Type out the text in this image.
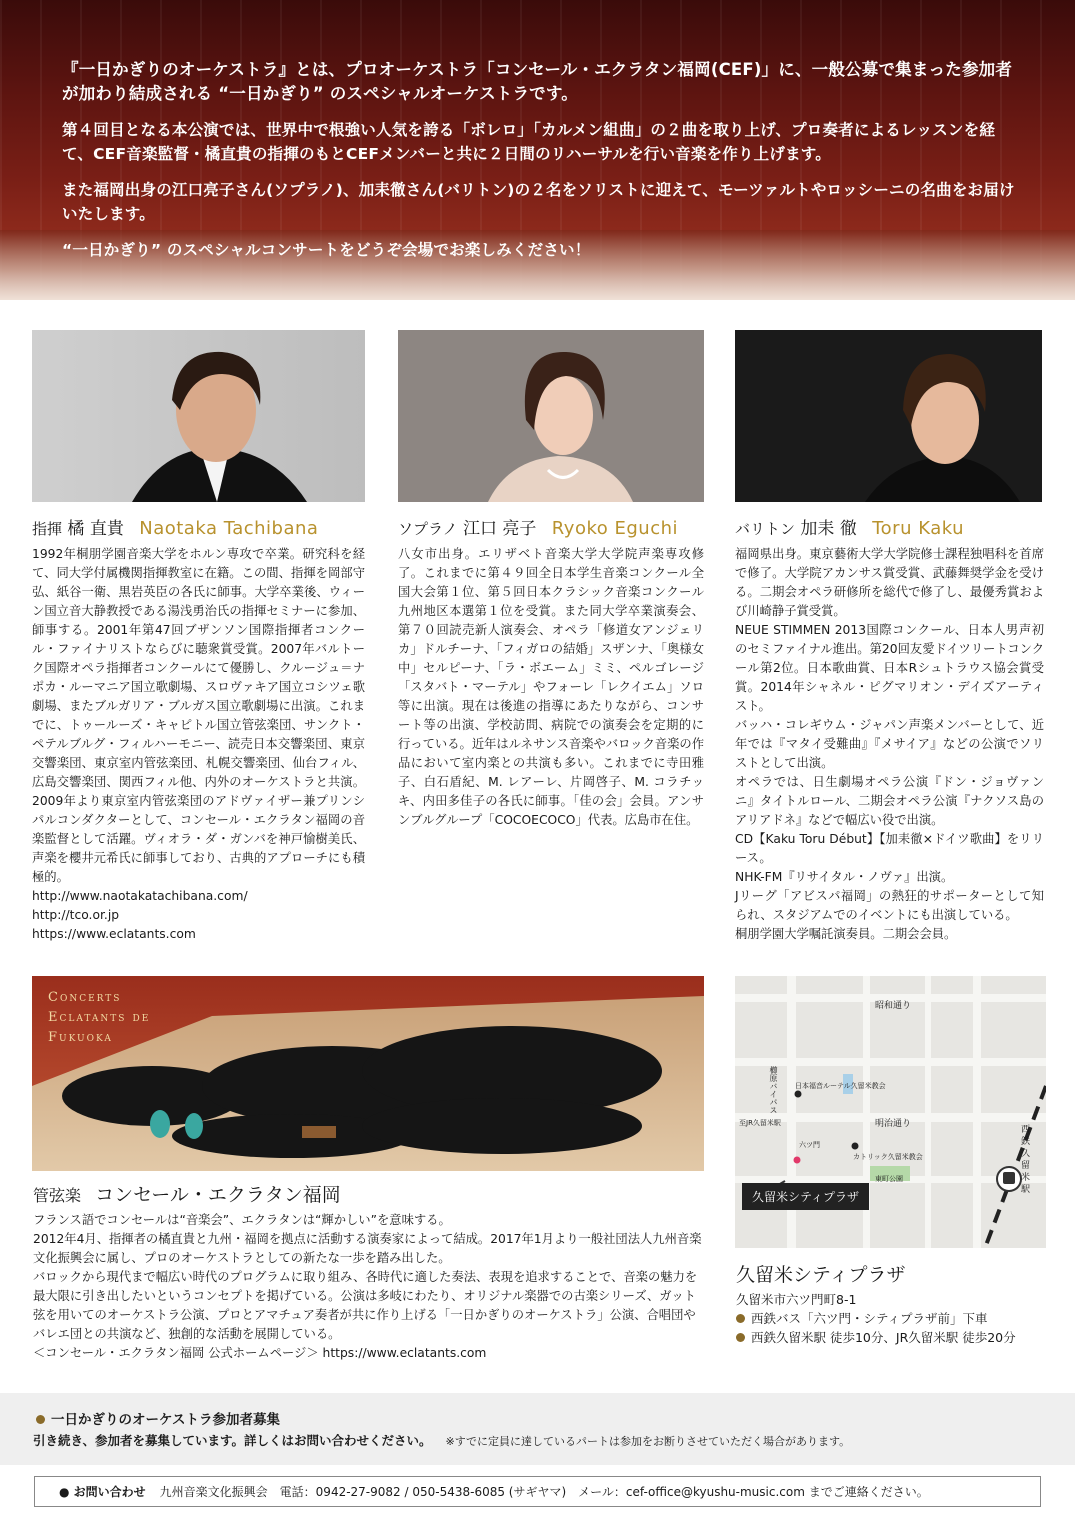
『一日かぎりのオーケストラ』とは、プロオーケストラ「コンセール・エクラタン福岡(CEF)」に、一般公募で集まった参加者が加わり結成される “一日かぎり” のスペシャルオーケストラです。

第４回目となる本公演では、世界中で根強い人気を誇る「ボレロ」「カルメン組曲」の２曲を取り上げ、プロ奏者によるレッスンを経て、CEF音楽監督・橘直貴の指揮のもとCEFメンバーと共に２日間のリハーサルを行い音楽を作り上げます。

また福岡出身の江口亮子さん(ソプラノ)、加耒徹さん(バリトン)の２名をソリストに迎えて、モーツァルトやロッシーニの名曲をお届けいたします。

“一日かぎり” のスペシャルコンサートをどうぞ会場でお楽しみください！

指揮 橘 直貴 Naotaka Tachibana	ソプラノ 江口 亮子 Ryoko Eguchi	バリトン 加耒 徹 Toru Kaku

1992年桐朋学園音楽大学をホルン専攻で卒業。研究科を経て、同大学付属機関指揮教室に在籍。この間、指揮を岡部守弘、紙谷一衛、黒岩英臣の各氏に師事。大学卒業後、ウィーン国立音大静教授である湯浅勇治氏の指揮セミナーに参加、師事する。2001年第47回ブザンソン国際指揮者コンクール・ファイナリストならびに聴衆賞受賞。2007年バルトーク国際オペラ指揮者コンクールにて優勝し、クルージュ＝ナポカ・ルーマニア国立歌劇場、スロヴァキア国立コシツェ歌劇場、またブルガリア・ブルガス国立歌劇場に出演。これまでに、トゥールーズ・キャピトル国立管弦楽団、サンクト・ペテルブルグ・フィルハーモニー、読売日本交響楽団、東京交響楽団、東京室内管弦楽団、札幌交響楽団、仙台フィル、広島交響楽団、関西フィル他、内外のオーケストラと共演。2009年より東京室内管弦楽団のアドヴァイザー兼プリンシパルコンダクターとして、コンセール・エクラタン福岡の音楽監督として活躍。ヴィオラ・ダ・ガンバを神戸愉樹美氏、声楽を櫻井元希氏に師事しており、古典的アプローチにも積極的。

http://www.naotakatachibana.com/

http://tco.or.jp

https://www.eclatants.com

八女市出身。エリザベト音楽大学大学院声楽専攻修了。これまでに第４９回全日本学生音楽コンクール全国大会第１位、第５回日本クラシック音楽コンクール九州地区本選第１位を受賞。また同大学卒業演奏会、第７０回読売新人演奏会、オペラ「修道女アンジェリカ」ドルチーナ、「フィガロの結婚」スザンナ、「奥様女中」セルピーナ、「ラ・ボエーム」ミミ、ペルゴレージ「スタバト・マーテル」やフォーレ「レクイエム」ソロ等に出演。現在は後進の指導にあたりながら、コンサート等の出演、学校訪問、病院での演奏会を定期的に行っている。近年はルネサンス音楽やバロック音楽の作品において室内楽との共演も多い。これまでに寺田雅子、白石盾紀、M. レアーレ、片岡啓子、M. コラチッキ、内田多佳子の各氏に師事。「佳の会」会員。アンサンブルグループ「COCOECOCO」代表。広島市在住。

福岡県出身。東京藝術大学大学院修士課程独唱科を首席で修了。大学院アカンサス賞受賞、武藤舞奨学金を受ける。二期会オペラ研修所を総代で修了し、最優秀賞および川崎静子賞受賞。

NEUE STIMMEN 2013国際コンクール、日本人男声初のセミファイナル進出。第20回友愛ドイツリートコンクール第2位。日本歌曲賞、日本Rシュトラウス協会賞受賞。2014年シャネル・ピグマリオン・デイズアーティスト。

バッハ・コレギウム・ジャパン声楽メンバーとして、近年では『マタイ受難曲』『メサイア』などの公演でソリストとして出演。

オペラでは、日生劇場オペラ公演『ドン・ジョヴァンニ』タイトルロール、二期会オペラ公演『ナクソス島のアリアドネ』などで幅広い役で出演。

CD【Kaku Toru Début】【加耒徹×ドイツ歌曲】をリリース。

NHK-FM『リサイタル・ノヴァ』出演。

Jリーグ「アビスパ福岡」の熱狂的サポーターとして知られ、スタジアムでのイベントにも出演している。

桐朋学園大学嘱託演奏員。二期会会員。

Concerts
Eclatants de
Fukuoka
管弦楽 コンセール・エクラタン福岡

フランス語でコンセールは“音楽会”、エクラタンは“輝かしい”を意味する。

2012年4月、指揮者の橘直貴と九州・福岡を拠点に活動する演奏家によって結成。2017年1月より一般社団法人九州音楽文化振興会に属し、プロのオーケストラとしての新たな一歩を踏み出した。

バロックから現代まで幅広い時代のプログラムに取り組み、各時代に適した奏法、表現を追求することで、音楽の魅力を最大限に引き出したいというコンセプトを掲げている。公演は多岐にわたり、オリジナル楽器での古楽シリーズ、ガット弦を用いてのオーケストラ公演、プロとアマチュア奏者が共に作り上げる「一日かぎりのオーケストラ」公演、合唱団やバレエ団との共演など、独創的な活動を展開している。

＜コンセール・エクラタン福岡 公式ホームページ＞ https://www.eclatants.com

昭和通り
櫛原バイパス 日本福音ルーテル久留米教会
明治通り
至JR久留米駅
六ツ門
カトリック久留米教会
東町公園
西鉄久留米駅
久留米シティプラザ
久留米シティプラザ
久留米市六ツ門町8-1
西鉄バス「六ツ門・シティプラザ前」下車
西鉄久留米駅 徒歩10分、JR久留米駅 徒歩20分
一日かぎりのオーケストラ参加者募集
引き続き、参加者を募集しています。詳しくはお問い合わせください。 ※すでに定員に達しているパートは参加をお断りさせていただく場合があります。
● お問い合わせ 九州音楽文化振興会　電話：0942-27-9082 / 050-5438-6085 (サギヤマ)　メール：cef-office@kyushu-music.com までご連絡ください。
